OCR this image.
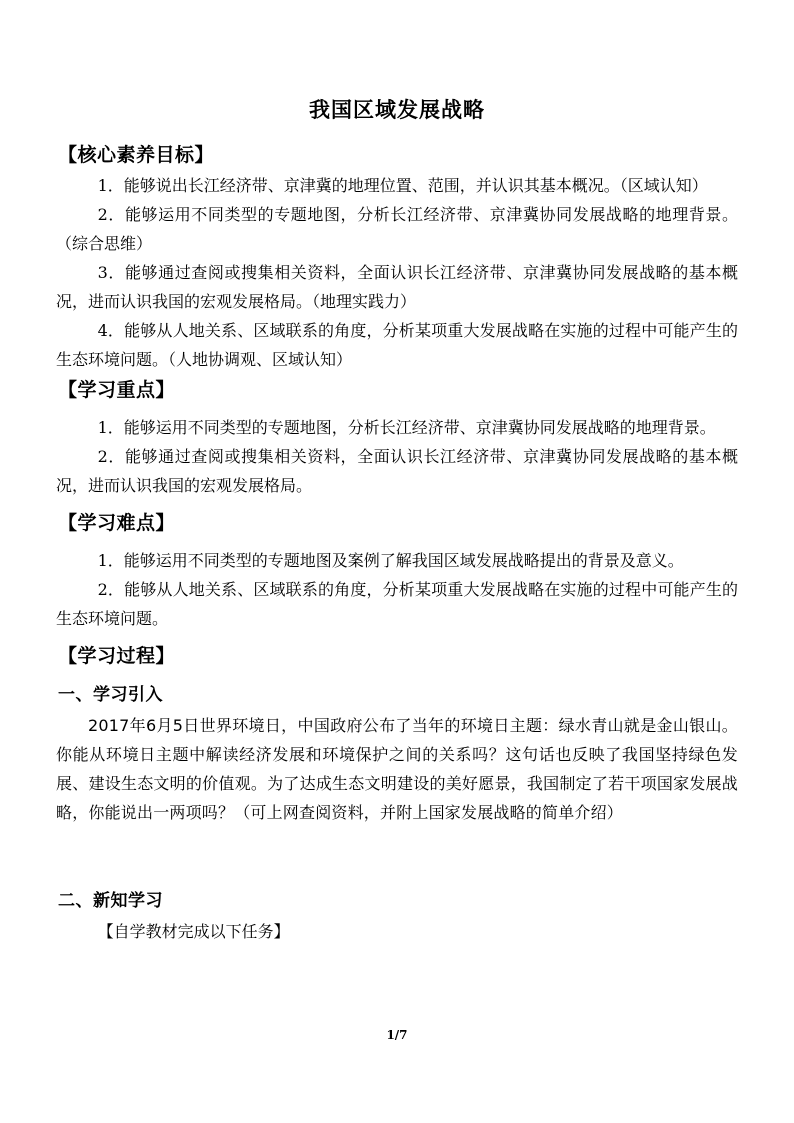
我国区域发展战略
【核心素养目标】
1．能够说出长江经济带、京津冀的地理位置、范围，并认识其基本概况。（区域认知）
2．能够运用不同类型的专题地图，分析长江经济带、京津冀协同发展战略的地理背景。（综合思维）
3．能够通过查阅或搜集相关资料，全面认识长江经济带、京津冀协同发展战略的基本概况，进而认识我国的宏观发展格局。（地理实践力）
4．能够从人地关系、区域联系的角度，分析某项重大发展战略在实施的过程中可能产生的生态环境问题。（人地协调观、区域认知）
【学习重点】
1．能够运用不同类型的专题地图，分析长江经济带、京津冀协同发展战略的地理背景。
2．能够通过查阅或搜集相关资料，全面认识长江经济带、京津冀协同发展战略的基本概况，进而认识我国的宏观发展格局。
【学习难点】
1．能够运用不同类型的专题地图及案例了解我国区域发展战略提出的背景及意义。
2．能够从人地关系、区域联系的角度，分析某项重大发展战略在实施的过程中可能产生的生态环境问题。
【学习过程】
一、学习引入
2017年6月5日世界环境日，中国政府公布了当年的环境日主题：绿水青山就是金山银山。你能从环境日主题中解读经济发展和环境保护之间的关系吗？这句话也反映了我国坚持绿色发展、建设生态文明的价值观。为了达成生态文明建设的美好愿景，我国制定了若干项国家发展战略，你能说出一两项吗？（可上网查阅资料，并附上国家发展战略的简单介绍）
二、新知学习
【自学教材完成以下任务】
1/7
